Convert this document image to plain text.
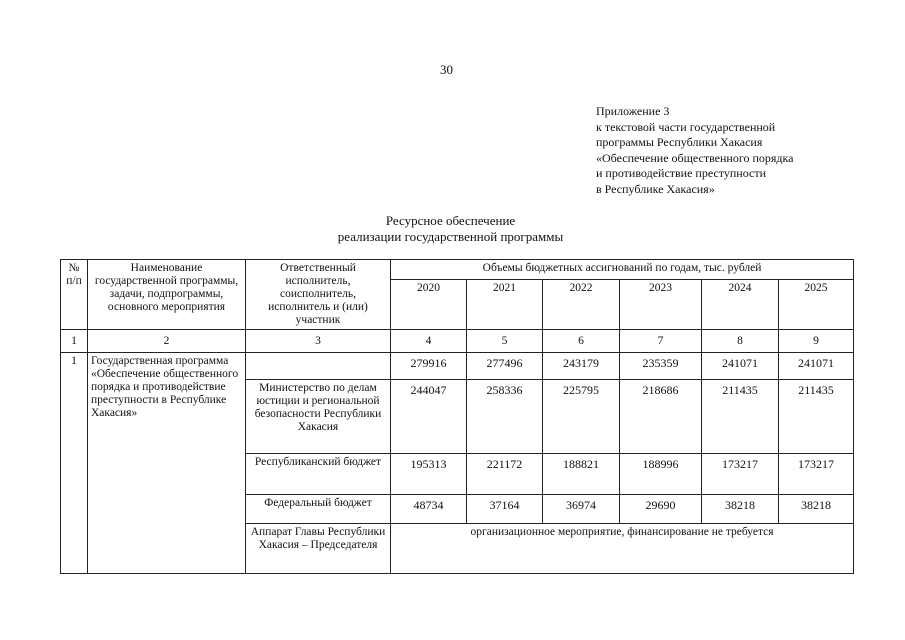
30
Приложение 3
к текстовой части государственной
программы Республики Хакасия
«Обеспечение общественного порядка
и противодействие преступности
в Республике Хакасия»
Ресурсное обеспечение
реализации государственной программы
№ п/п	Наименование государственной программы, задачи, подпрограммы, основного мероприятия	Ответственный исполнитель, соисполнитель, исполнитель и (или) участник	Объемы бюджетных ассигнований по годам, тыс. рублей					
			2020	2021	2022	2023	2024	2025
1	2	3	4	5	6	7	8	9
1	Государственная программа «Обеспечение общественного порядка и противодействие преступности в Республике Хакасия»		279916	277496	243179	235359	241071	241071
		Министерство по делам юстиции и региональной безопасности Республики Хакасия	244047	258336	225795	218686	211435	211435
		Республиканский бюджет	195313	221172	188821	188996	173217	173217
		Федеральный бюджет	48734	37164	36974	29690	38218	38218
		Аппарат Главы Республики Хакасия – Председателя	организационное мероприятие, финансирование не требуется					
· · · · ·
